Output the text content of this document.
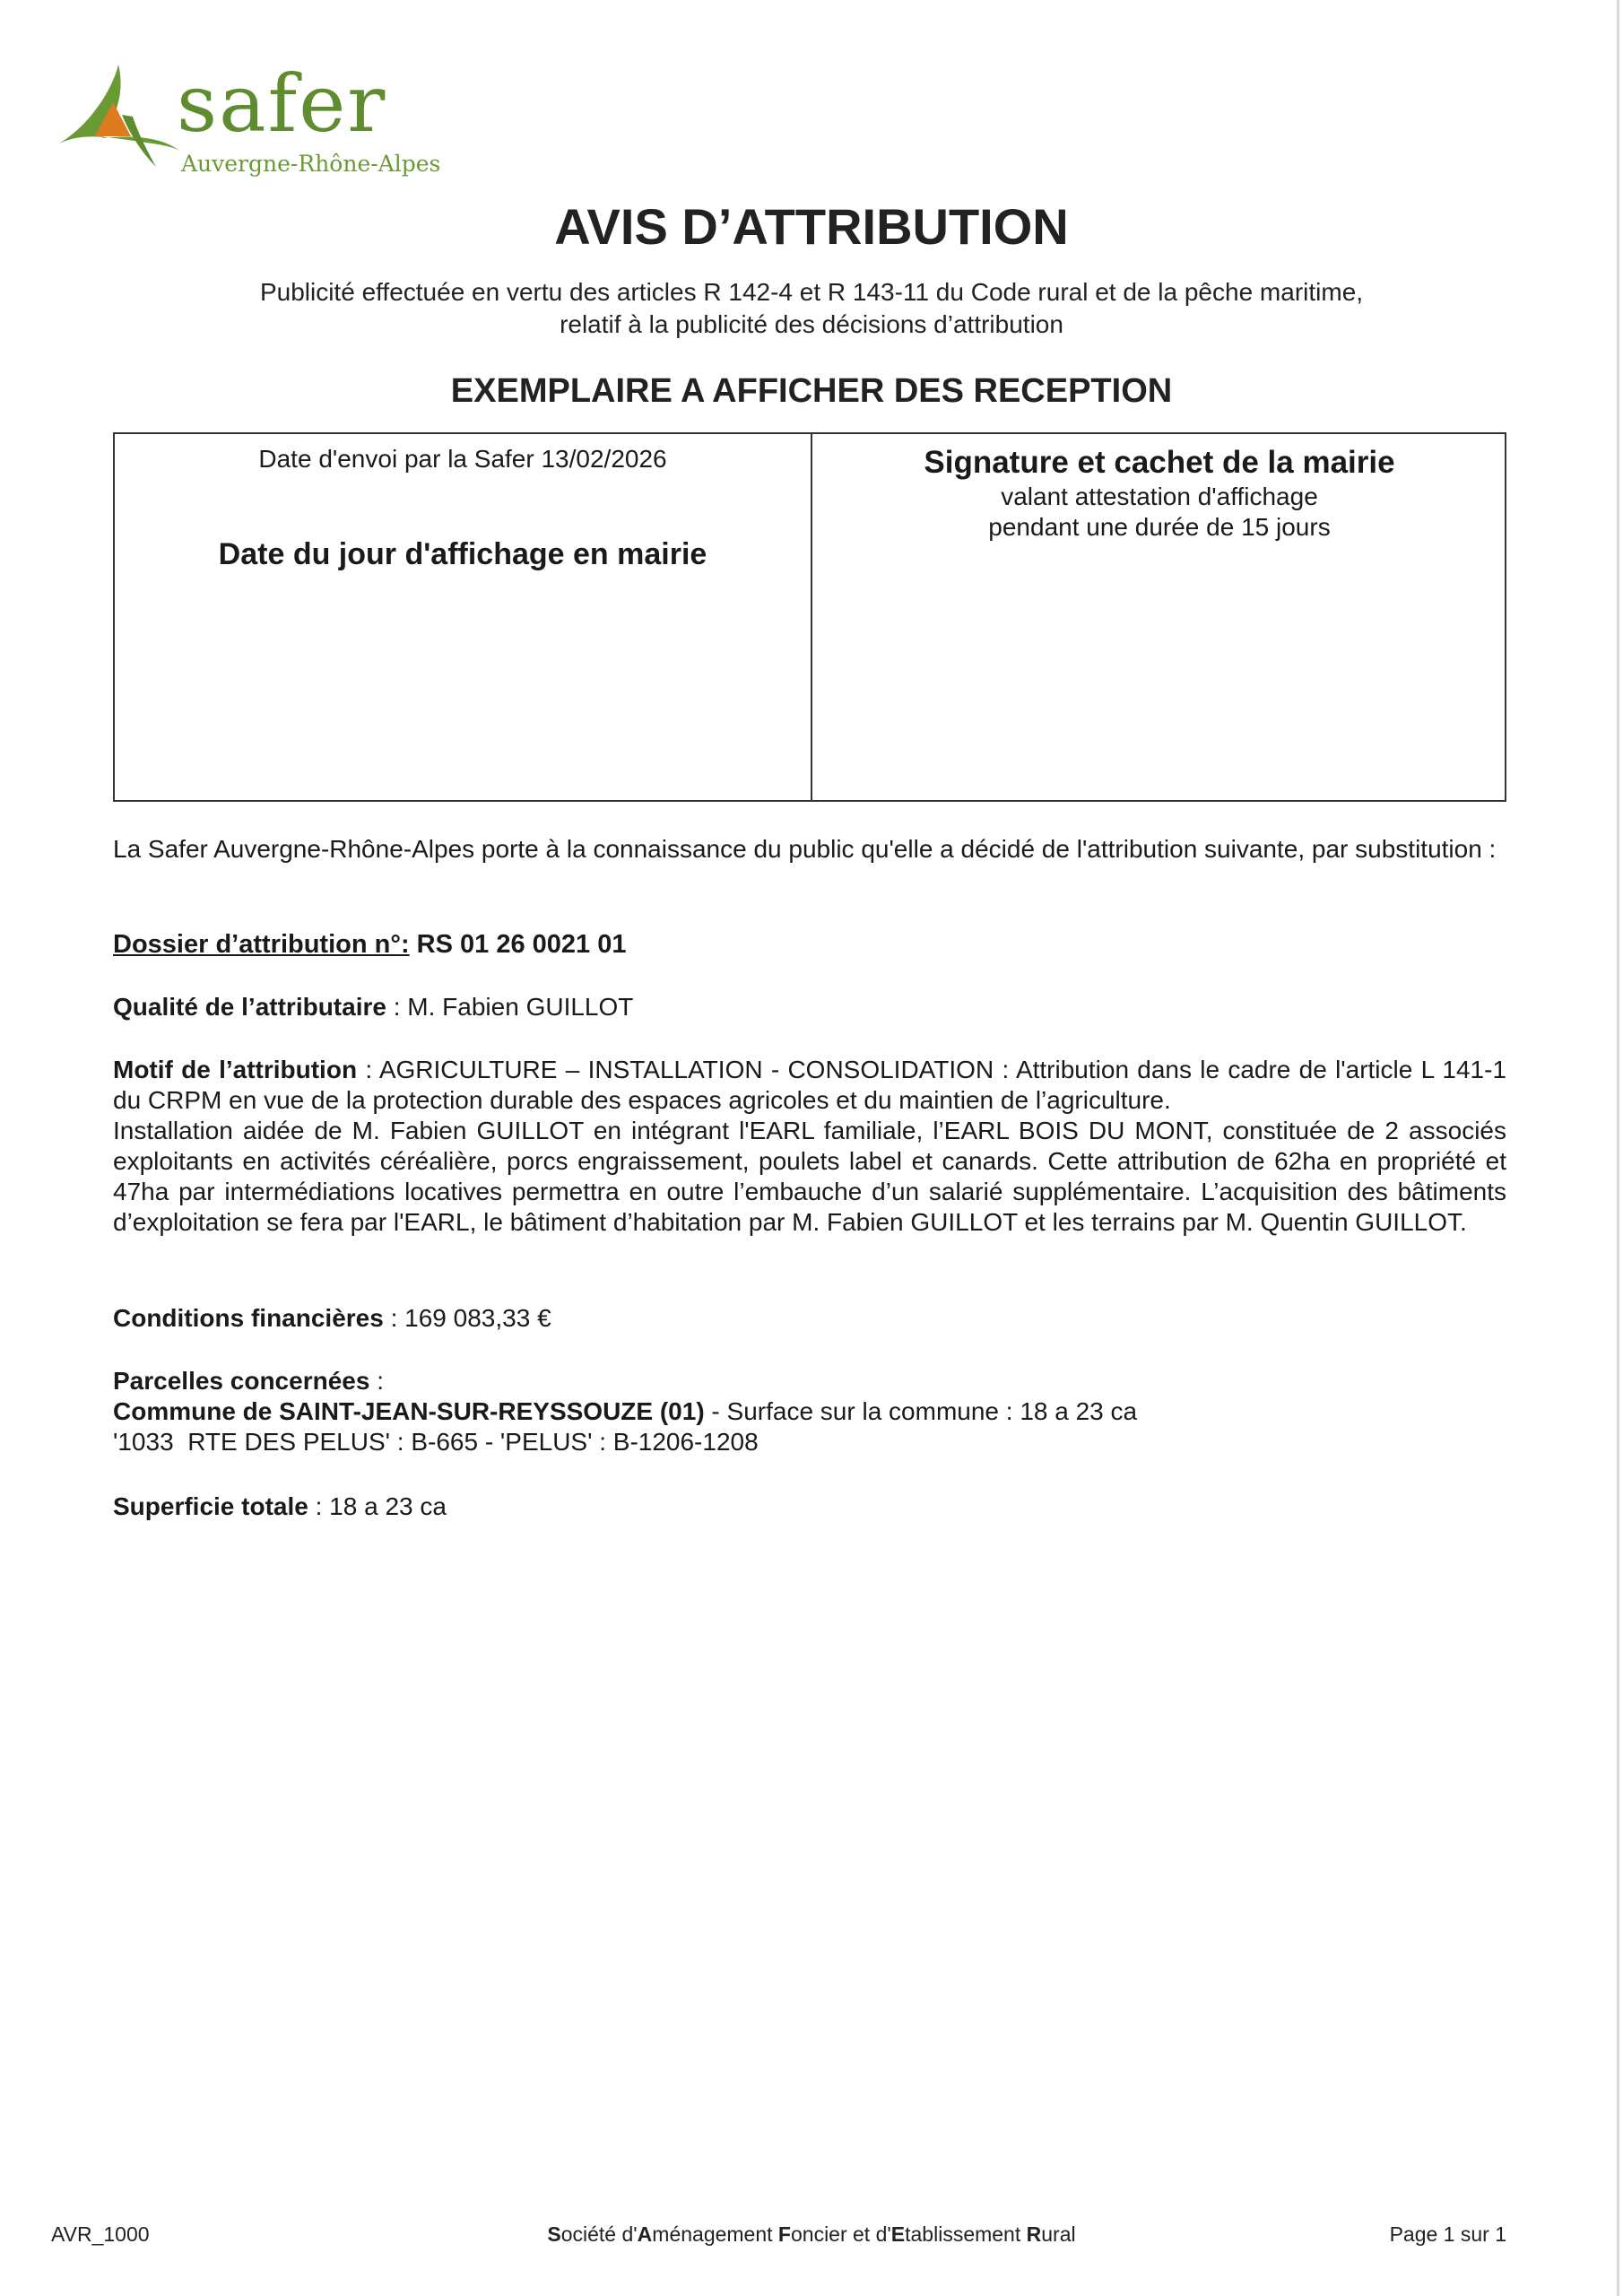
safer
Auvergne-Rhône-Alpes
AVIS D’ATTRIBUTION
Publicité effectuée en vertu des articles R 142-4 et R 143-11 du Code rural et de la pêche maritime,
relatif à la publicité des décisions d’attribution
EXEMPLAIRE A AFFICHER DES RECEPTION
Date d'envoi par la Safer 13/02/2026
Date du jour d'affichage en mairie
Signature et cachet de la mairie
valant attestation d'affichage
pendant une durée de 15 jours
La Safer Auvergne-Rhône-Alpes porte à la connaissance du public qu'elle a décidé de l'attribution suivante, par substitution :
Dossier d’attribution n°: RS 01 26 0021 01
Qualité de l’attributaire : M. Fabien GUILLOT
Motif de l’attribution : AGRICULTURE – INSTALLATION - CONSOLIDATION : Attribution dans le cadre de l'article L 141-1 du CRPM en vue de la protection durable des espaces agricoles et du maintien de l’agriculture.
Installation aidée de M. Fabien GUILLOT en intégrant l'EARL familiale, l’EARL BOIS DU MONT, constituée de 2 associés exploitants en activités céréalière, porcs engraissement, poulets label et canards. Cette attribution de 62ha en propriété et 47ha par intermédiations locatives permettra en outre l’embauche d’un salarié supplémentaire. L’acquisition des bâtiments d’exploitation se fera par l'EARL, le bâtiment d’habitation par M. Fabien GUILLOT et les terrains par M. Quentin GUILLOT.
Conditions financières : 169 083,33 €
Parcelles concernées :
Commune de SAINT-JEAN-SUR-REYSSOUZE (01) - Surface sur la commune : 18 a 23 ca
'1033  RTE DES PELUS' : B-665 - 'PELUS' : B-1206-1208
Superficie totale : 18 a 23 ca
AVR_1000	Société d'Aménagement Foncier et d'Etablissement Rural	Page 1 sur 1
